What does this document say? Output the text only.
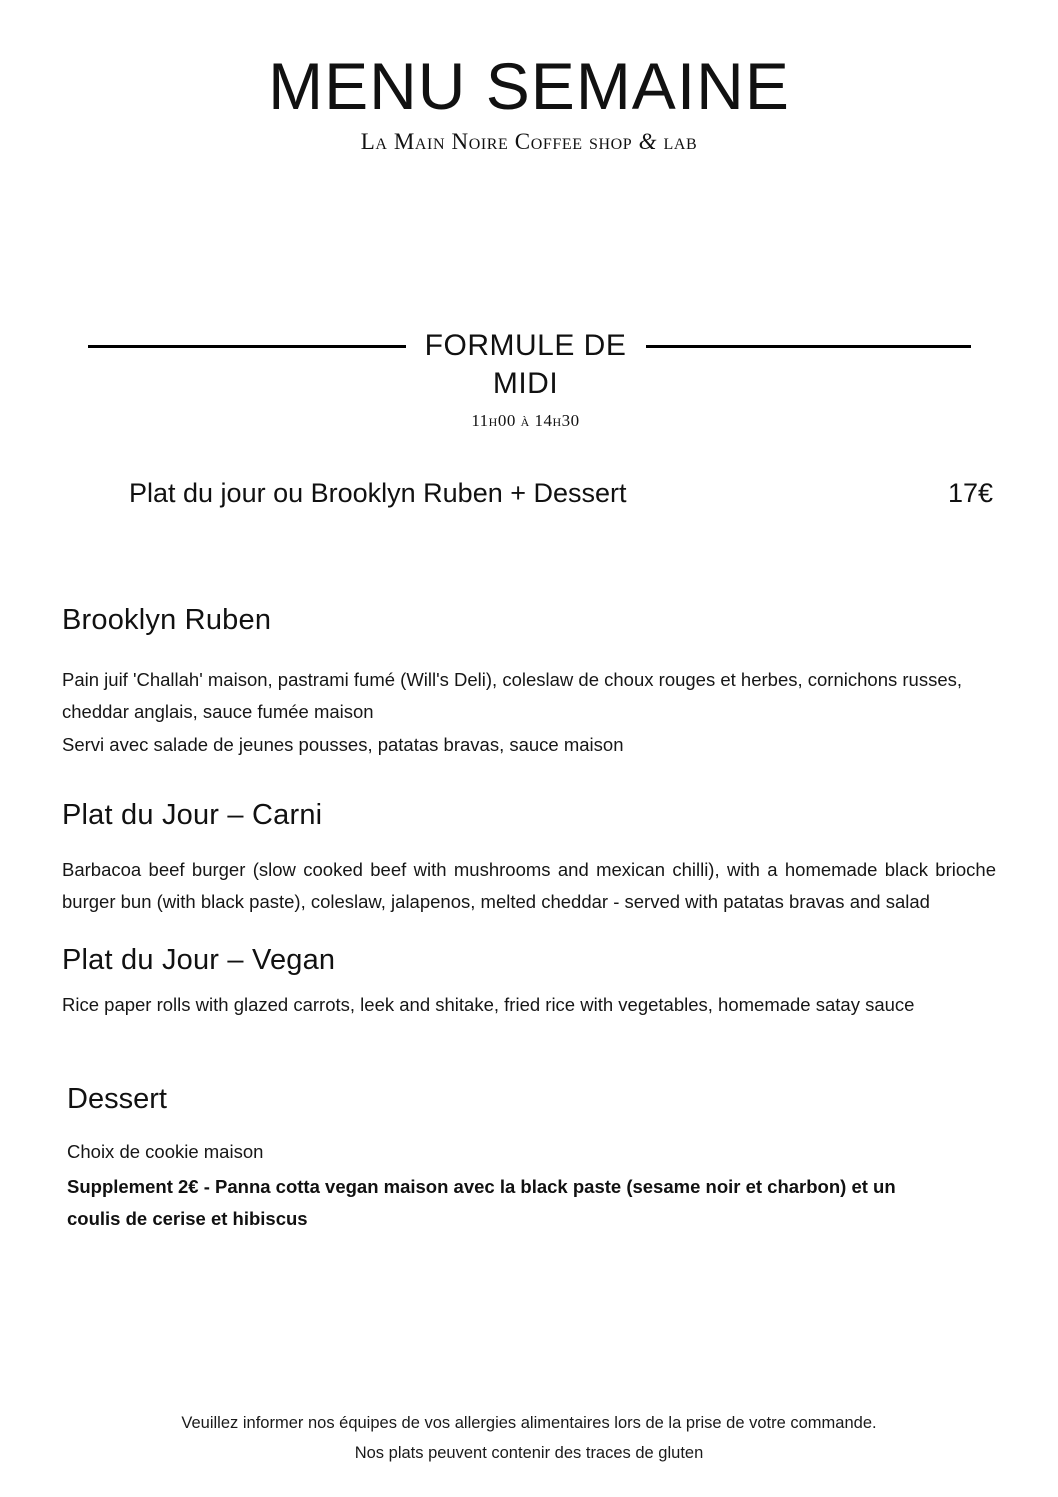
MENU SEMAINE
La Main Noire Coffee shop & lab
FORMULE DE MIDI
11h00 à 14h30
Plat du jour ou Brooklyn Ruben + Dessert	17€
Brooklyn Ruben
Pain juif 'Challah' maison, pastrami fumé (Will's Deli), coleslaw de choux rouges et herbes, cornichons russes, cheddar anglais, sauce fumée maison
Servi avec salade de jeunes pousses, patatas bravas, sauce maison
Plat du Jour – Carni
Barbacoa beef burger (slow cooked beef with mushrooms and mexican chilli), with a homemade black brioche burger bun (with black paste), coleslaw, jalapenos, melted cheddar - served with patatas bravas and salad
Plat du Jour – Vegan
Rice paper rolls with glazed carrots, leek and shitake, fried rice with vegetables, homemade satay sauce
Dessert
Choix de cookie maison
Supplement 2€ - Panna cotta vegan maison avec la black paste (sesame noir et charbon) et un coulis de cerise et hibiscus
Veuillez informer nos équipes de vos allergies alimentaires lors de la prise de votre commande.
Nos plats peuvent contenir des traces de gluten
